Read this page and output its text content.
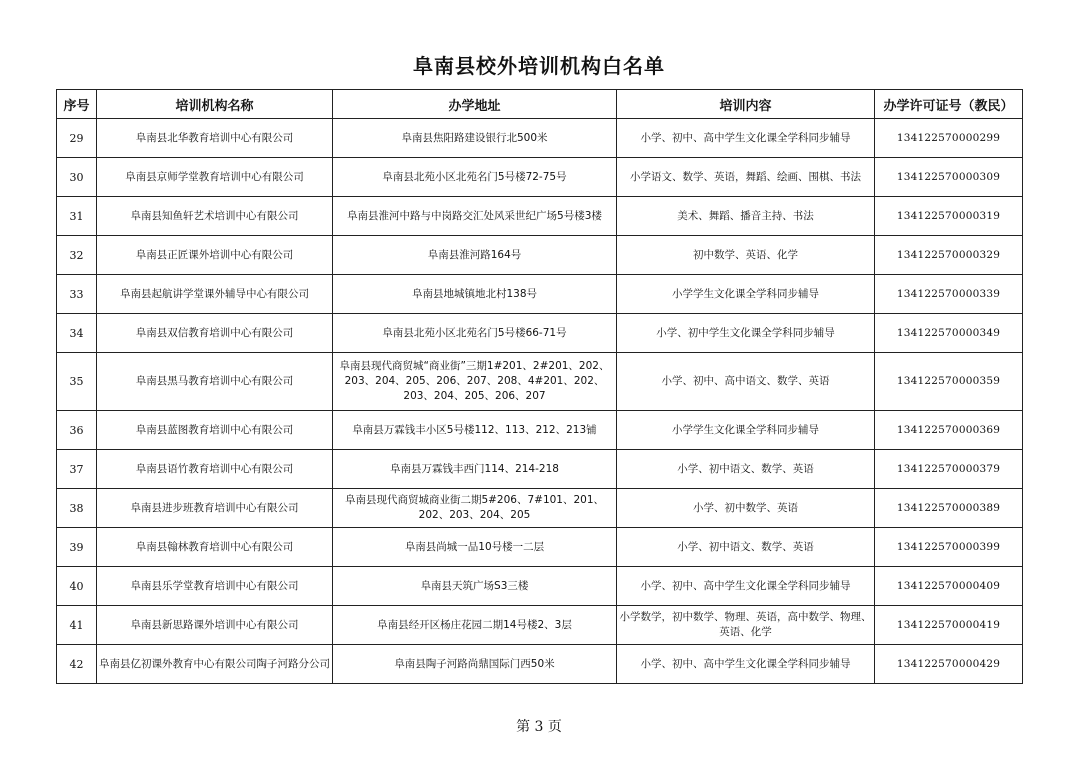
阜南县校外培训机构白名单
序号	培训机构名称	办学地址	培训内容	办学许可证号（教民）
29	阜南县北华教育培训中心有限公司	阜南县焦阳路建设银行北500米	小学、初中、高中学生文化课全学科同步辅导	134122570000299
30	阜南县京师学堂教育培训中心有限公司	阜南县北苑小区北苑名门5号楼72-75号	小学语文、数学、英语，舞蹈、绘画、围棋、书法	134122570000309
31	阜南县知鱼轩艺术培训中心有限公司	阜南县淮河中路与中岗路交汇处风采世纪广场5号楼3楼	美术、舞蹈、播音主持、书法	134122570000319
32	阜南县正匠课外培训中心有限公司	阜南县淮河路164号	初中数学、英语、化学	134122570000329
33	阜南县起航讲学堂课外辅导中心有限公司	阜南县地城镇地北村138号	小学学生文化课全学科同步辅导	134122570000339
34	阜南县双信教育培训中心有限公司	阜南县北苑小区北苑名门5号楼66-71号	小学、初中学生文化课全学科同步辅导	134122570000349
35	阜南县黑马教育培训中心有限公司	阜南县现代商贸城“商业街”三期1#201、2#201、202、203、204、205、206、207、208、4#201、202、203、204、205、206、207	小学、初中、高中语文、数学、英语	134122570000359
36	阜南县蓝图教育培训中心有限公司	阜南县万霖钱丰小区5号楼112、113、212、213铺	小学学生文化课全学科同步辅导	134122570000369
37	阜南县语竹教育培训中心有限公司	阜南县万霖钱丰西门114、214-218	小学、初中语文、数学、英语	134122570000379
38	阜南县进步班教育培训中心有限公司	阜南县现代商贸城商业街二期5#206、7#101、201、202、203、204、205	小学、初中数学、英语	134122570000389
39	阜南县翰林教育培训中心有限公司	阜南县尚城一品10号楼一二层	小学、初中语文、数学、英语	134122570000399
40	阜南县乐学堂教育培训中心有限公司	阜南县天筑广场S3三楼	小学、初中、高中学生文化课全学科同步辅导	134122570000409
41	阜南县新思路课外培训中心有限公司	阜南县经开区杨庄花园二期14号楼2、3层	小学数学，初中数学、物理、英语，高中数学、物理、英语、化学	134122570000419
42	阜南县亿初课外教育中心有限公司陶子河路分公司	阜南县陶子河路尚鼎国际门西50米	小学、初中、高中学生文化课全学科同步辅导	134122570000429
第 3 页
